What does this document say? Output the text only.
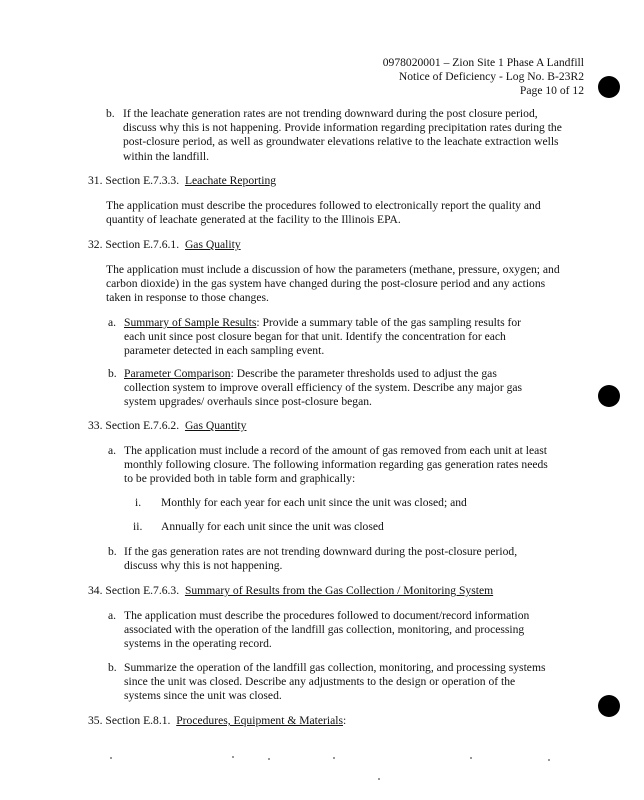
0978020001 – Zion Site 1 Phase A Landfill
Notice of Deficiency - Log No. B-23R2
Page 10 of 12
b. If the leachate generation rates are not trending downward during the post closure period, discuss why this is not happening. Provide information regarding precipitation rates during the post-closure period, as well as groundwater elevations relative to the leachate extraction wells within the landfill.
31. Section E.7.3.3. Leachate Reporting
The application must describe the procedures followed to electronically report the quality and quantity of leachate generated at the facility to the Illinois EPA.
32. Section E.7.6.1. Gas Quality
The application must include a discussion of how the parameters (methane, pressure, oxygen; and carbon dioxide) in the gas system have changed during the post-closure period and any actions taken in response to those changes.
a. Summary of Sample Results: Provide a summary table of the gas sampling results for each unit since post closure began for that unit. Identify the concentration for each parameter detected in each sampling event.
b. Parameter Comparison: Describe the parameter thresholds used to adjust the gas collection system to improve overall efficiency of the system. Describe any major gas system upgrades/ overhauls since post-closure began.
33. Section E.7.6.2. Gas Quantity
a. The application must include a record of the amount of gas removed from each unit at least monthly following closure. The following information regarding gas generation rates needs to be provided both in table form and graphically:
i. Monthly for each year for each unit since the unit was closed; and
ii. Annually for each unit since the unit was closed
b. If the gas generation rates are not trending downward during the post-closure period, discuss why this is not happening.
34. Section E.7.6.3. Summary of Results from the Gas Collection / Monitoring System
a. The application must describe the procedures followed to document/record information associated with the operation of the landfill gas collection, monitoring, and processing systems in the operating record.
b. Summarize the operation of the landfill gas collection, monitoring, and processing systems since the unit was closed. Describe any adjustments to the design or operation of the systems since the unit was closed.
35. Section E.8.1. Procedures, Equipment & Materials:
